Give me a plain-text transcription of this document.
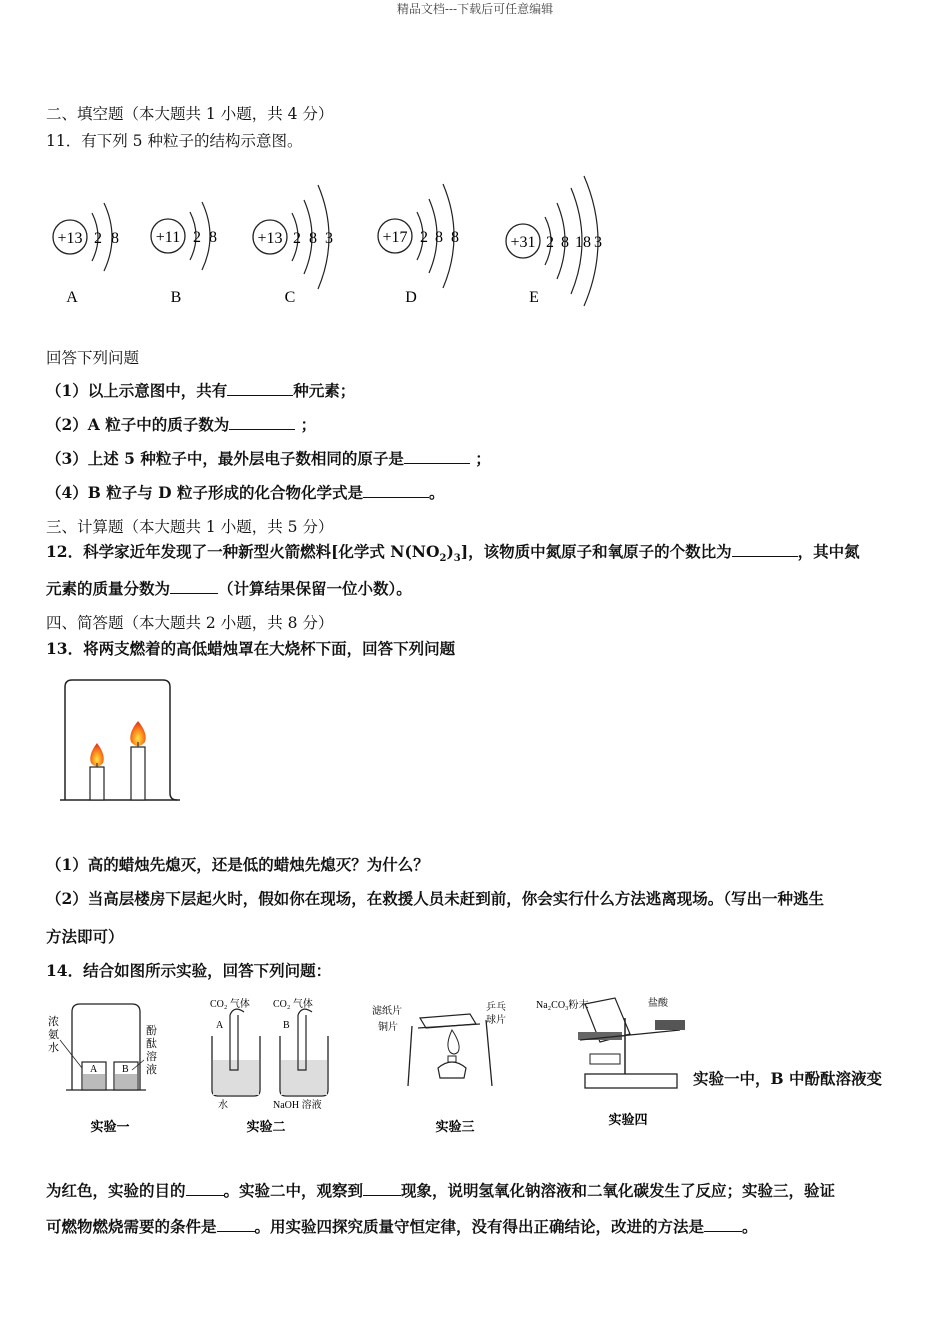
精品文档---下载后可任意编辑
二、填空题（本大题共 1 小题，共 4 分）
11．有下列 5 种粒子的结构示意图。
+13 2 8
A
+11 2 8
B
+13 2 8 3
C
+17 2 8 8
D
+31 2 8 18 3
E
回答下列问题
（1）以上示意图中，共有	种元素；
（2）A 粒子中的质子数为	；
（3）上述 5 种粒子中，最外层电子数相同的原子是	；
（4）B 粒子与 D 粒子形成的化合物化学式是	。
三、计算题（本大题共 1 小题，共 5 分）
12．科学家近年发现了一种新型火箭燃料[化学式 $N(NO_2)_3$]，该物质中氮原子和氧原子的个数比为	，其中氮
元素的质量分数为	（计算结果保留一位小数）。
四、简答题（本大题共 2 小题，共 8 分）
13．将两支燃着的高低蜡烛罩在大烧杯下面，回答下列问题
（1）高的蜡烛先熄灭，还是低的蜡烛先熄灭？为什么？
（2）当高层楼房下层起火时，假如你在现场，在救援人员未赶到前，你会实行什么方法逃离现场。（写出一种逃生
方法即可）
14．结合如图所示实验，回答下列问题：
浓
氨
水
酚
酞
溶
液
A B
实验一
CO₂ 气体 CO₂ 气体
A	B
水	NaOH 溶液
实验二
滤纸片
铜片
乒乓
球片
实验三
Na₂CO₃粉末	盐酸
实验四
实验一中，B 中酚酞溶液变
为红色，实验的目的 。实验二中，观察到 现象，说明氢氧化钠溶液和二氧化碳发生了反应；实验三，验证
可燃物燃烧需要的条件是 。用实验四探究质量守恒定律，没有得出正确结论，改进的方法是 。
